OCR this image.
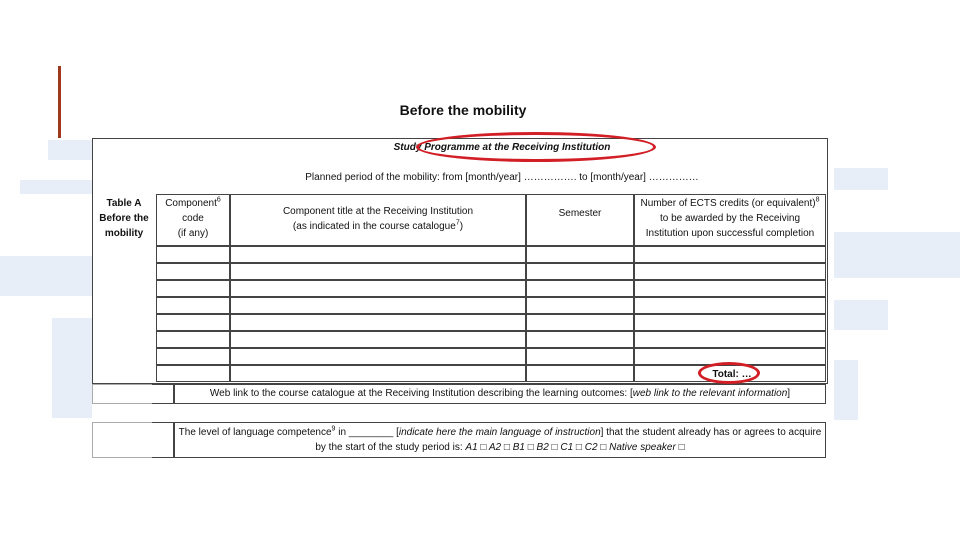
Before the mobility
Study Programme at the Receiving Institution
Planned period of the mobility: from [month/year] ……………. to [month/year] ……………
Table A
Before the
mobility
Component$^6$
code
(if any)
Component title at the Receiving Institution
(as indicated in the course catalogue$^7$)
Semester
Number of ECTS credits (or equivalent)$^8$
to be awarded by the Receiving
Institution upon successful completion
Total: …
Web link to the course catalogue at the Receiving Institution describing the learning outcomes: [web link to the relevant information]
The level of language competence$^9$ in ________ [indicate here the main language of instruction] that the student already has or agrees to acquire
by the start of the study period is: A1 □ A2 □ B1 □ B2 □ C1 □ C2 □ Native speaker □
